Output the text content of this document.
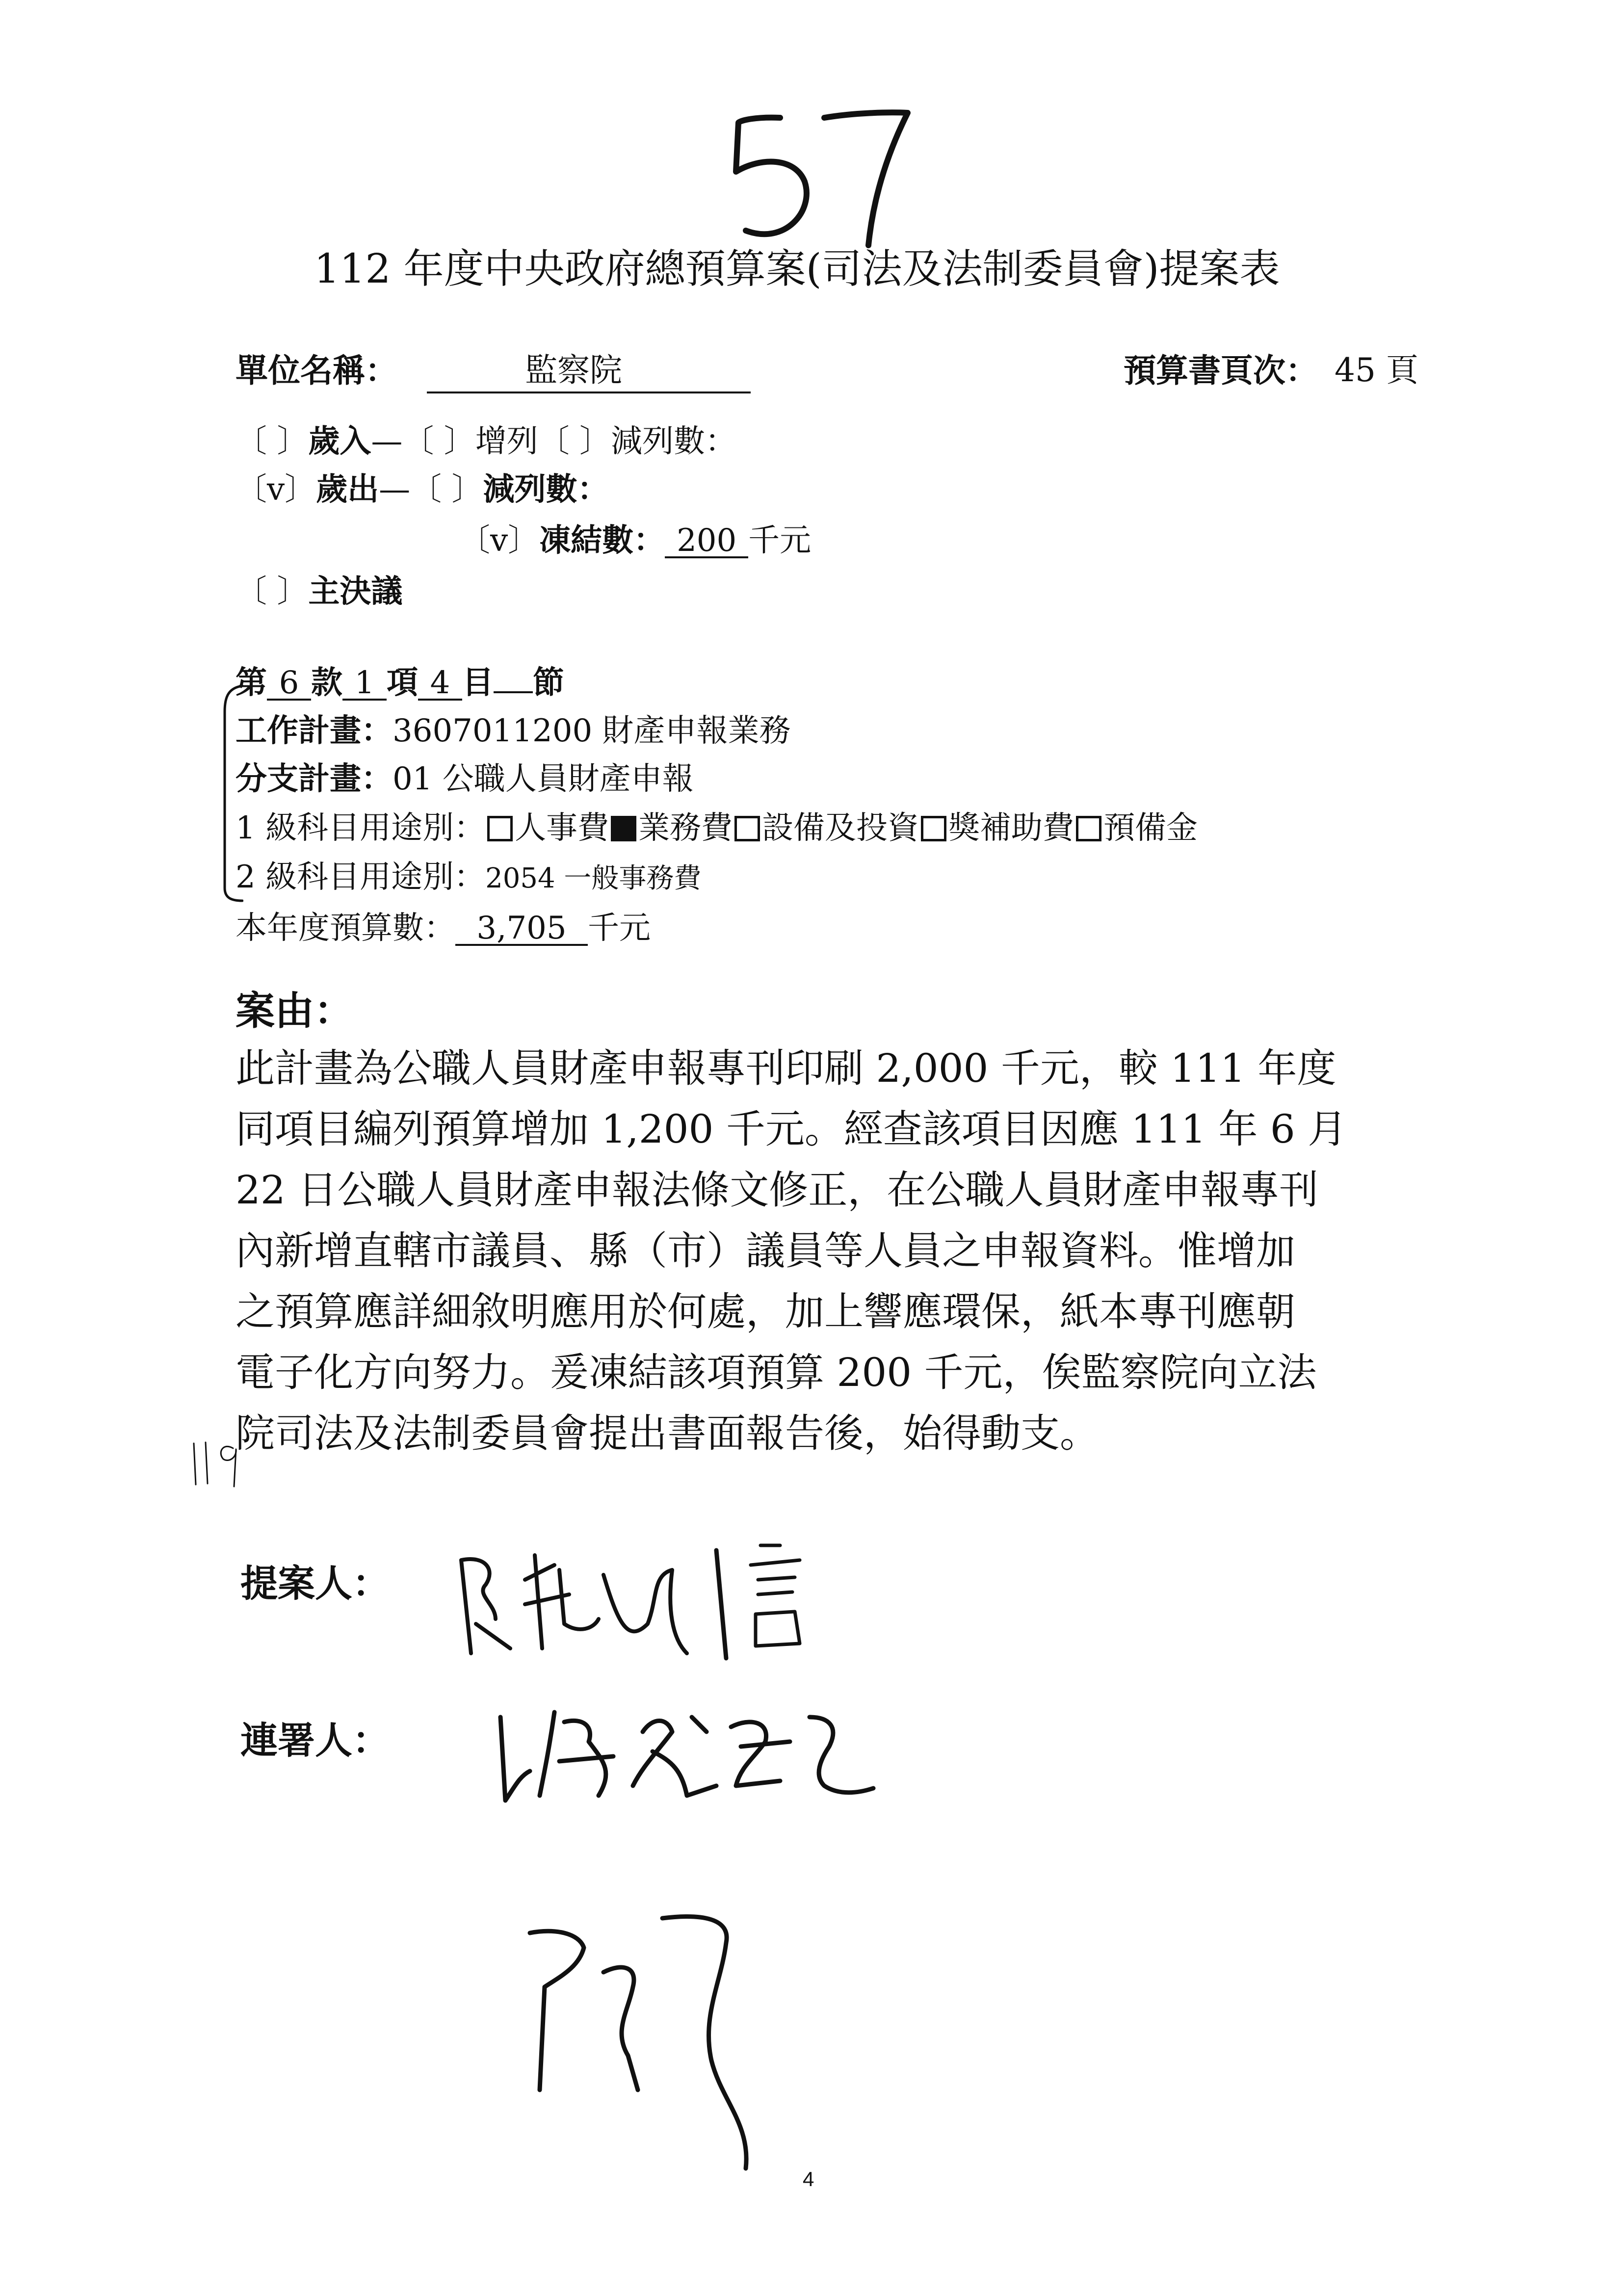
112 年度中央政府總預算案(司法及法制委員會)提案表
單位名稱：	監察院	預算書頁次： 45 頁
〔 〕歲入—〔 〕增列〔 〕減列數：
〔v〕歲出—〔 〕減列數：
〔v〕凍結數： 200 千元
〔 〕主決議
第 6 款 1 項 4 目 節
工作計畫：3607011200 財產申報業務
分支計畫：01 公職人員財產申報
1 級科目用途別： 人事費 業務費 設備及投資 獎補助費 預備金
2 級科目用途別：2054 一般事務費
本年度預算數： 3,705 千元
案由：
此計畫為公職人員財產申報專刊印刷 2,000 千元，較 111 年度
同項目編列預算增加 1,200 千元。經查該項目因應 111 年 6 月
22 日公職人員財產申報法條文修正，在公職人員財產申報專刊
內新增直轄市議員、縣（市）議員等人員之申報資料。惟增加
之預算應詳細敘明應用於何處，加上響應環保，紙本專刊應朝
電子化方向努力。爰凍結該項預算 200 千元，俟監察院向立法
院司法及法制委員會提出書面報告後，始得動支。
提案人：
連署人：
4
